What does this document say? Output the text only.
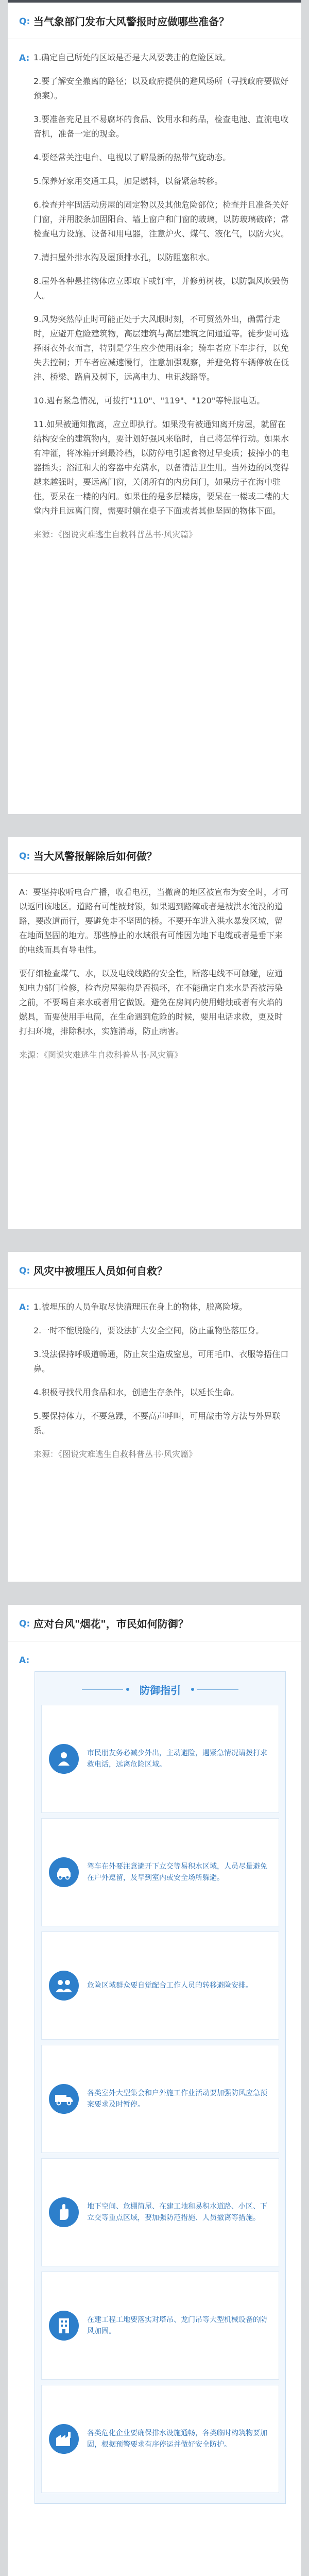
Q: 当气象部门发布大风警报时应做哪些准备？
A: 1.确定自己所处的区域是否是大风要袭击的危险区域。

2.要了解安全撤离的路径；以及政府提供的避风场所（寻找政府要做好预案）。

3.要准备充足且不易腐坏的食品、饮用水和药品，检查电池、直流电收音机，准备一定的现金。

4.要经常关注电台、电视以了解最新的热带气旋动态。

5.保养好家用交通工具，加足燃料，以备紧急转移。

6.检查并牢固活动房屋的固定物以及其他危险部位；检查并且准备关好门窗，并用胶条加固阳台、墙上窗户和门窗的玻璃，以防玻璃破碎；常检查电力设施、设备和用电器，注意炉火、煤气、液化气，以防火灾。

7.清扫屋外排水沟及屋顶排水孔，以防阻塞积水。

8.屋外各种悬挂物体应立即取下或钉牢，并修剪树枝，以防飘风吹毁伤人。

9.风势突然停止时可能正处于大风眼时刻，不可贸然外出，确需行走时，应避开危险建筑物，高层建筑与高层建筑之间通道等。徒步要可选择雨衣外衣而言，特别是学生应少使用雨伞；骑车者应下车步行，以免失去控制；开车者应减速慢行，注意加强观察，并避免将车辆停放在低洼、桥梁、路肩及树下，远离电力、电讯线路等。

10.遇有紧急情况，可拨打"110"、"119"、"120"等特服电话。

11.如果被通知撤离，应立即执行。如果没有被通知离开房屋，就留在结构安全的建筑物内，要计划好强风来临时，自己将怎样行动。如果水有冲灌，将冰箱开到最冷档，以防停电引起食物过早变质；拔掉小的电器插头；浴缸和大的容器中充满水，以备清洁卫生用。当外边的风变得越来越强时，要远离门窗，关闭所有的内房间门，如果房子在海中驻住，要呆在一楼的内间。如果住的是多层楼房，要呆在一楼或二楼的大堂内并且远离门窗，需要时躺在桌子下面或者其他坚固的物体下面。

来源：《图说灾难逃生自救科普丛书·风灾篇》

Q: 当大风警报解除后如何做？

A：要坚持收听电台广播，收看电视，当撤离的地区被宣布为安全时，才可以返回该地区。道路有可能被封锁，如果遇到路障或者是被洪水淹没的道路，要改道而行，要避免走不坚固的桥。不要开车进入洪水暴发区域，留在地面坚固的地方。那些静止的水域很有可能因为地下电缆或者是垂下来的电线而具有导电性。

要仔细检查煤气、水，以及电线线路的安全性，断落电线不可触碰，应通知电力部门检修，检查房屋架构是否损坏，在不能确定自来水是否被污染之前，不要喝自来水或者用它做饭。避免在房间内使用蜡烛或者有火焰的燃具，而要使用手电筒，在生命遇到危险的时候，要用电话求救，更及时打扫环境，排除积水，实施消毒，防止病害。

来源：《图说灾难逃生自救科普丛书·风灾篇》

Q: 风灾中被埋压人员如何自救？
A: 1.被埋压的人员争取尽快清理压在身上的物体，脱离险境。

2.一时不能脱险的，要设法扩大安全空间，防止重物坠落压身。

3.设法保持呼吸道畅通，防止灰尘造成窒息，可用毛巾、衣服等捂住口鼻。

4.积极寻找代用食品和水，创造生存条件，以延长生命。

5.要保持体力，不要急躁，不要高声呼叫，可用敲击等方法与外界联系。

来源：《图说灾难逃生自救科普丛书·风灾篇》

Q: 应对台风"烟花"，市民如何防御？
A:
防御指引
市民朋友务必减少外出，主动避险，遇紧急情况请拨打求救电话，远离危险区域。
驾车在外要注意避开下立交等易积水区域，人员尽量避免在户外逗留，及早到室内或安全场所躲避。
危险区域群众要自觉配合工作人员的转移避险安排。
各类室外大型集会和户外施工作业活动要加强防风应急预案要求及时暂停。
地下空间、危棚简屋、在建工地和易积水道路、小区、下立交等重点区域，要加强防范措施、人员撤离等措施。
在建工程工地要落实对塔吊、龙门吊等大型机械设备的防风加固。
各类危化企业要确保排水设施通畅，各类临时构筑物要加固，根据预警要求有序停运并做好安全防护。
